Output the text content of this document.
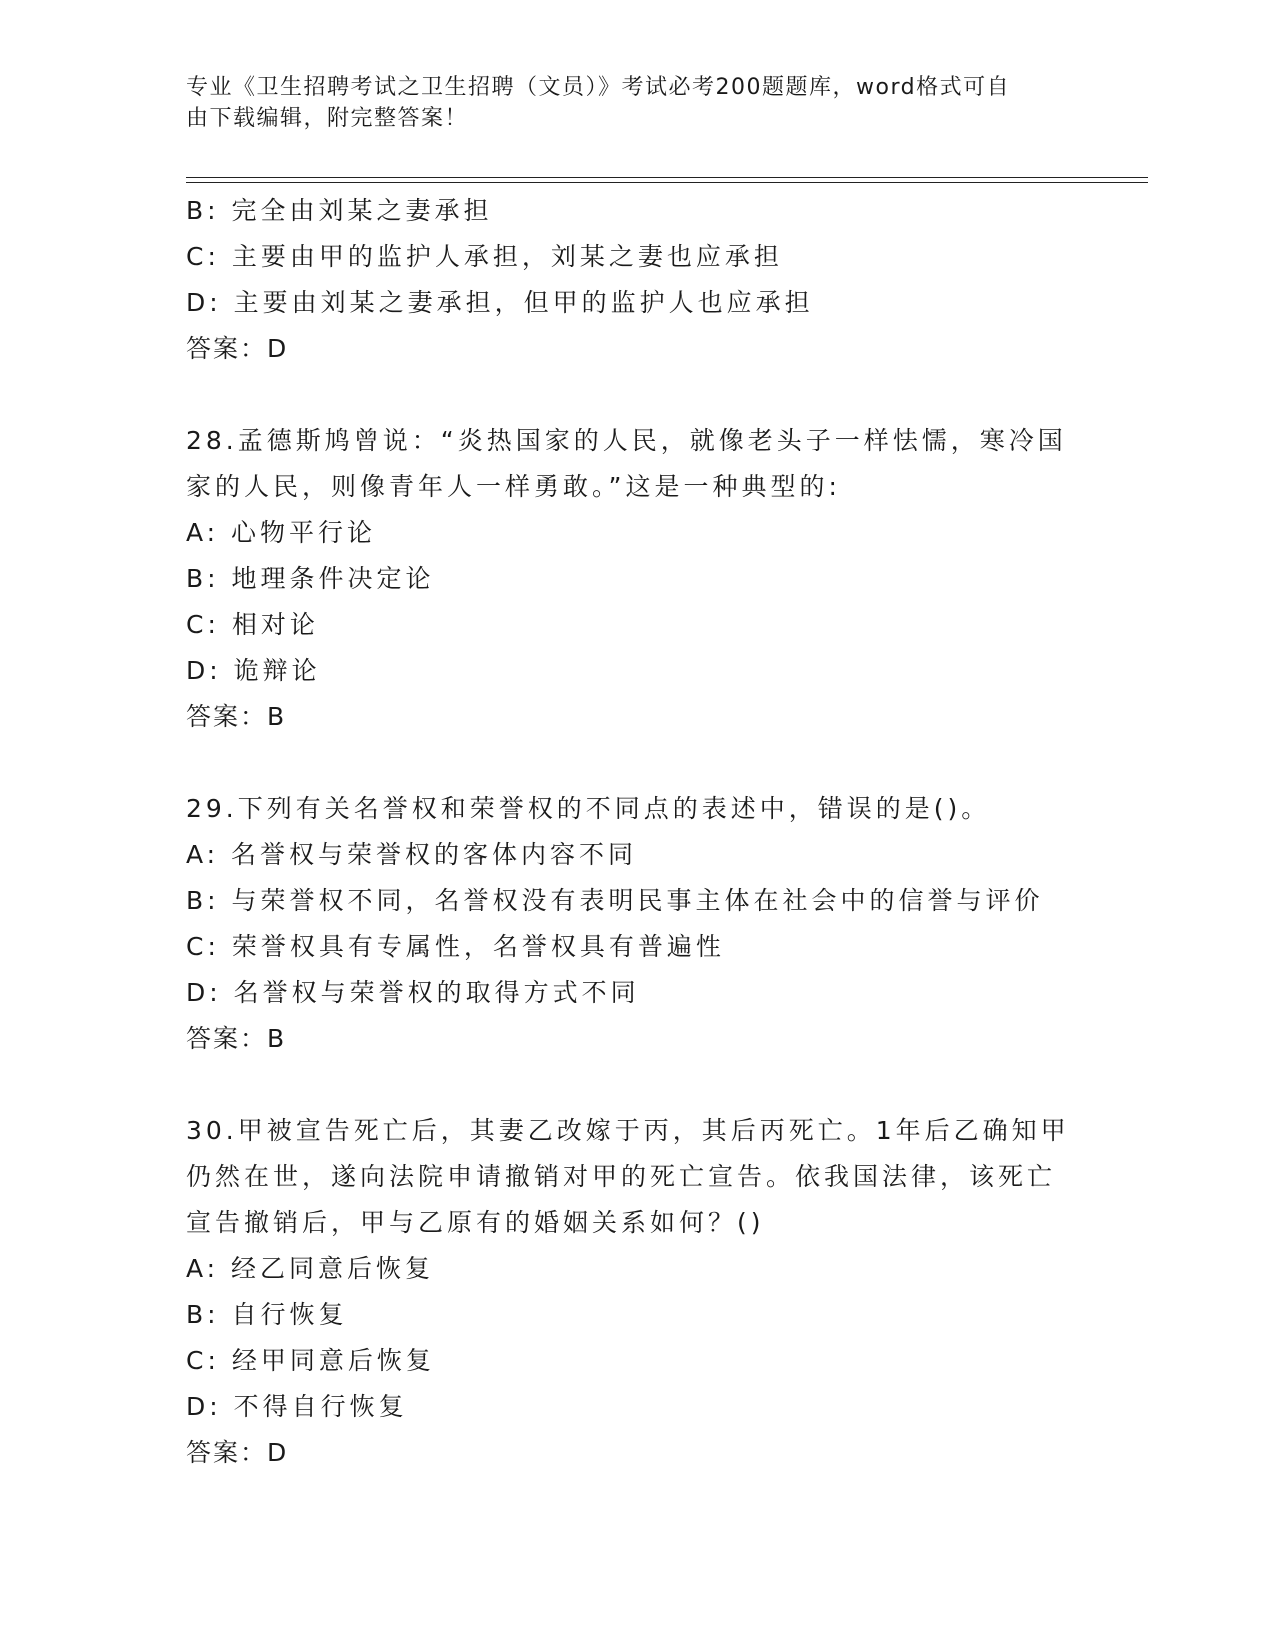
专业《卫生招聘考试之卫生招聘（文员）》考试必考200题题库，word格式可自
由下载编辑，附完整答案！
B: 完全由刘某之妻承担
C: 主要由甲的监护人承担，刘某之妻也应承担
D: 主要由刘某之妻承担，但甲的监护人也应承担
答案：D
28.孟德斯鸠曾说：“炎热国家的人民，就像老头子一样怯懦，寒冷国
家的人民，则像青年人一样勇敢。”这是一种典型的:
A: 心物平行论
B: 地理条件决定论
C: 相对论
D: 诡辩论
答案：B
29.下列有关名誉权和荣誉权的不同点的表述中，错误的是()。
A: 名誉权与荣誉权的客体内容不同
B: 与荣誉权不同，名誉权没有表明民事主体在社会中的信誉与评价
C: 荣誉权具有专属性，名誉权具有普遍性
D: 名誉权与荣誉权的取得方式不同
答案：B
30.甲被宣告死亡后，其妻乙改嫁于丙，其后丙死亡。1年后乙确知甲
仍然在世，遂向法院申请撤销对甲的死亡宣告。依我国法律，该死亡
宣告撤销后，甲与乙原有的婚姻关系如何？()
A: 经乙同意后恢复
B: 自行恢复
C: 经甲同意后恢复
D: 不得自行恢复
答案：D
